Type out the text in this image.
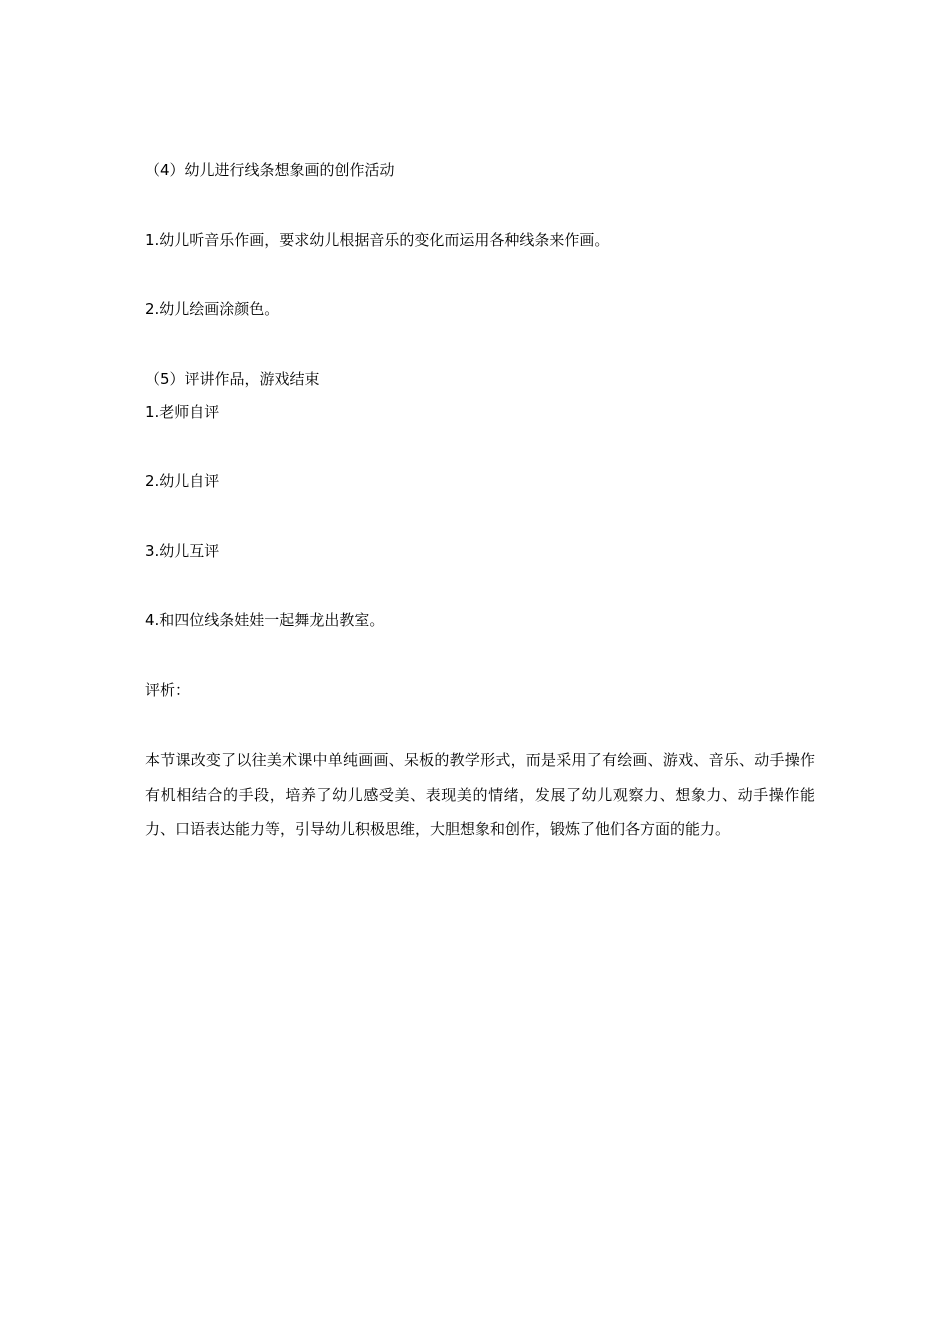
（4）幼儿进行线条想象画的创作活动
1.幼儿听音乐作画，要求幼儿根据音乐的变化而运用各种线条来作画。
2.幼儿绘画涂颜色。
（5）评讲作品，游戏结束
1.老师自评
2.幼儿自评
3.幼儿互评
4.和四位线条娃娃一起舞龙出教室。
评析：
本节课改变了以往美术课中单纯画画、呆板的教学形式，而是采用了有绘画、游戏、音乐、动手操作有机相结合的手段，培养了幼儿感受美、表现美的情绪，发展了幼儿观察力、想象力、动手操作能力、口语表达能力等，引导幼儿积极思维，大胆想象和创作，锻炼了他们各方面的能力。
